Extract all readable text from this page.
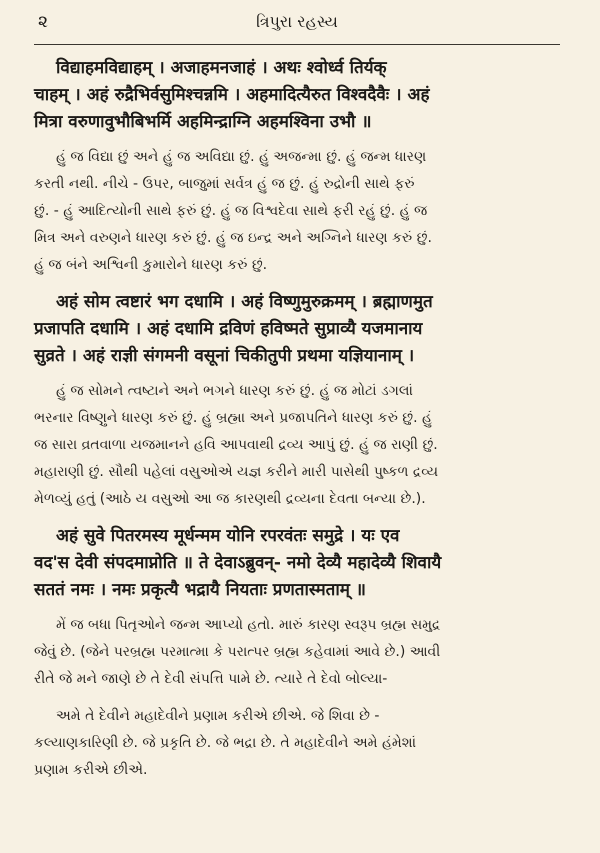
૨	ત્રિપુરા રહસ્ય
विद्याहमविद्याहम् । अजाहमनजाहं । अथः श्वोर्ध्व तिर्यक्
चाहम् । अहं रुद्रैभिर्वसुमिश्चन्नमि । अहमादित्यैरुत विश्वदैवैः । अहं
मित्रा वरुणावुभौबिभर्मि अहमिन्द्राग्नि अहमश्विना उभौ ॥
હું જ વિદ્યા છું અને હું જ અવિદ્યા છું. હું અજન્મા છું. હું જન્મ ધારણ
કરતી નથી. નીચે - ઉપર, બાજુમાં સર્વત્ર હું જ છું. હું રુદ્રોની સાથે ફરું
છું. - હું આદિત્યોની સાથે ફરું છું. હું જ વિશ્વદેવા સાથે ફરી રહું છું. હું જ
મિત્ર અને વરુણને ધારણ કરું છું. હું જ ઇન્દ્ર અને અગ્નિને ધારણ કરું છું.
હું જ બંને અશ્વિની કુમારોને ધારણ કરું છું.
अहं सोम त्वष्टारं भग दधामि । अहं विष्णुमुरुक्रमम् । ब्रह्माणमुत
प्रजापति दधामि । अहं दधामि द्रविणं हविष्मते सुप्राव्यै यजमानाय
सुव्रते । अहं राज्ञी संगमनी वसूनां चिकीतुपी प्रथमा यज्ञियानाम् ।
હું જ સોમને ત્વષ્ટાને અને ભગને ધારણ કરું છું. હું જ મોટાં ડગલાં
ભરનાર વિષ્ણુને ધારણ કરું છું. હું બ્રહ્મા અને પ્રજાપતિને ધારણ કરું છું. હું
જ સારા વ્રતવાળા યજમાનને હવિ આપવાથી દ્રવ્ય આપું છું. હું જ રાણી છું.
મહારાણી છું. સૌથી પહેલાં વસુઓએ યજ્ઞ કરીને મારી પાસેથી પુષ્કળ દ્રવ્ય
મેળવ્યું હતું (આઠે ય વસુઓ આ જ કારણથી દ્રવ્યના દેવતા બન્યા છે.).
अहं सुवे पितरमस्य मूर्धन्मम योनि रपरवंतः समुद्रे । यः एव
वद'स देवी संपदमाप्नोति ॥ ते देवाऽब्रुवन्- नमो देव्यै महादेव्यै शिवायै
सततं नमः । नमः प्रकृत्यै भद्रायै नियताः प्रणतास्मताम् ॥
મેં જ બધા પિતૃઓને જન્મ આપ્યો હતો. મારું કારણ સ્વરૂપ બ્રહ્મ સમુદ્ર
જેવું છે. (જેને પરબ્રહ્મ પરમાત્મા કે પરાત્પર બ્રહ્મ કહેવામાં આવે છે.) આવી
રીતે જે મને જાણે છે તે દેવી સંપત્તિ પામે છે. ત્યારે તે દેવો બોલ્યા-
અમે તે દેવીને મહાદેવીને પ્રણામ કરીએ છીએ. જે શિવા છે -
કલ્યાણકારિણી છે. જે પ્રકૃતિ છે. જે ભદ્રા છે. તે મહાદેવીને અમે હંમેશાં
પ્રણામ કરીએ છીએ.
